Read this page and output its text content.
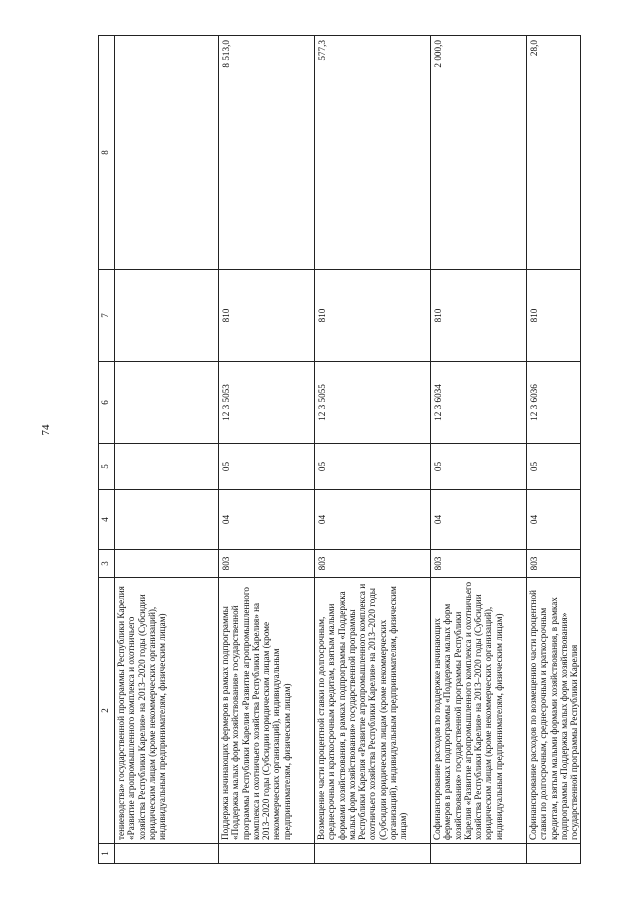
74
1	2	3	4	5	6	7	8
	тениеводства» государственной программы Республики Карелия «Развитие агропромышленного комплекса и охотничьего хозяйства Республики Карелия» на 2013–2020 годы (Субсидии юридическим лицам (кроме некоммерческих организаций), индивидуальным предпринимателям, физическим лицам)						
	Поддержка начинающих фермеров в рамках подпрограммы «Поддержка малых форм хозяйствования» государственной программы Республики Карелия «Развитие агропромышленного комплекса и охотничьего хозяйства Республики Карелия» на 2013–2020 годы (Субсидии юридическим лицам (кроме некоммерческих организаций), индивидуальным предпринимателям, физическим лицам)	803	04	05	12 3 5053	810	8 513,0
	Возмещение части процентной ставки по долгосрочным, среднесрочным и краткосрочным кредитам, взятым малыми формами хозяйствования, в рамках подпрограммы «Поддержка малых форм хозяйствования» государственной программы Республики Карелия «Развитие агропромышленного комплекса и охотничьего хозяйства Республики Карелия» на 2013–2020 годы (Субсидии юридическим лицам (кроме некоммерческих организаций), индивидуальным предпринимателям, физическим лицам)	803	04	05	12 3 5055	810	577,3
	Софинансирование расходов по поддержке начинающих фермеров в рамках подпрограммы «Поддержка малых форм хозяйствования» государственной программы Республики Карелия «Развитие агропромышленного комплекса и охотничьего хозяйства Республики Карелия» на 2013–2020 годы (Субсидии юридическим лицам (кроме некоммерческих организаций), индивидуальным предпринимателям, физическим лицам)	803	04	05	12 3 6034	810	2 000,0
	Софинансирование расходов по возмещению части процентной ставки по долгосрочным, среднесрочным и краткосрочным кредитам, взятым малыми формами хозяйствования, в рамках подпрограммы «Поддержка малых форм хозяйствования» государственной программы Республики Карелия	803	04	05	12 3 6036	810	28,0
